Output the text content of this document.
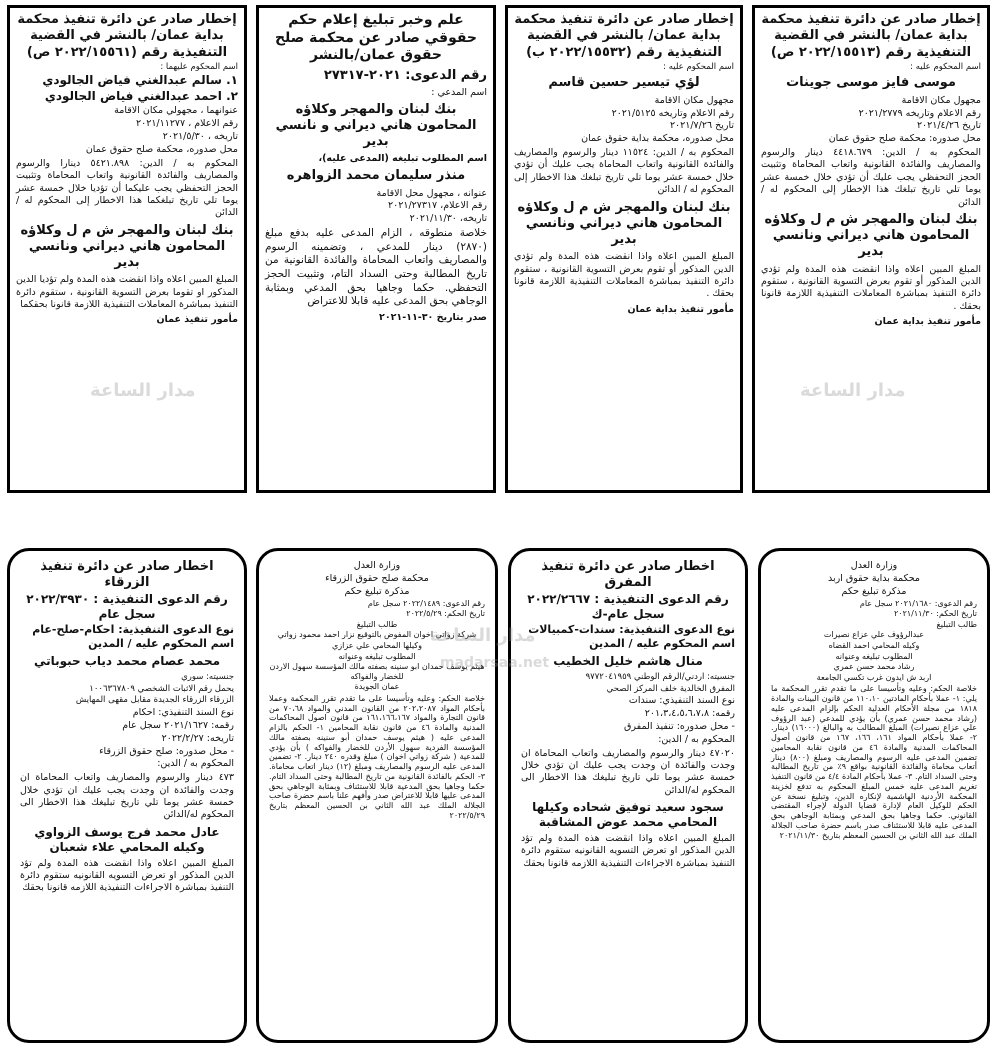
إخطار صادر عن دائرة تنفيذ محكمة بداية عمان/ بالنشر في القضية التنفيذية رقم (٢٠٢٢/١٥٥١٣ ص)
اسم المحكوم عليه :
موسى فايز موسى جوينات
مجهول مكان الاقامة
رقم الاعلام وتاريخه ٢٠٢١/٢٧٧٩
تاريخ ٢٠٢١/٤/٢٦
محل صدوره: محكمة صلح حقوق عمان
المحكوم به / الدين: ٤٤١٨.٦٧٩ دينار والرسوم والمصاريف والفائدة القانونية واتعاب المحاماة وتثبيت الحجز التحفظي يجب عليك أن تؤدي خلال خمسة عشر يوما تلي تاريخ تبلغك هذا الإخطار إلى المحكوم له / الدائن
بنك لبنان والمهجر ش م ل وكلاؤه المحامون هاني ديراني ونانسي بدير
المبلغ المبين اعلاه واذا انقضت هذه المدة ولم تؤدي الدين المذكور أو تقوم بعرض التسوية القانونية ، ستقوم دائرة التنفيذ بمباشرة المعاملات التنفيذية اللازمة قانونا بحقك .
مأمور تنفيذ بداية عمان
إخطار صادر عن دائرة تنفيذ محكمة بداية عمان/ بالنشر في القضية التنفيذية رقم (٢٠٢٢/١٥٥٣٢ ب)
اسم المحكوم عليه :
لؤي تيسير حسين قاسم
مجهول مكان الاقامة
رقم الاعلام وتاريخه ٢٠٢١/٥١٢٥
تاريخ ٢٠٢١/٧/٢٦
محل صدوره، محكمة بداية حقوق عمان
المحكوم به / الدين: ١١٥٢٤ دينار والرسوم والمصاريف والفائدة القانونية واتعاب المحاماة يجب عليك أن تؤدي خلال خمسة عشر يوما تلي تاريخ تبلغك هذا الاخطار إلى المحكوم له / الدائن
بنك لبنان والمهجر ش م ل وكلاؤه المحامون هاني ديراني ونانسي بدير
المبلغ المبين اعلاه واذا انقضت هذه المدة ولم تؤدي الدين المذكور أو تقوم بعرض التسوية القانونية ، ستقوم دائرة التنفيذ بمباشرة المعاملات التنفيذية اللازمة قانونا بحقك .
مأمور تنفيذ بداية عمان
علم وخبر تبليغ إعلام حكم حقوقي صادر عن محكمة صلح حقوق عمان/بالنشر
رقم الدعوى: ٢٠٢١-٢٧٣١٧
اسم المدعي :
بنك لبنان والمهجر وكلاؤه المحامون هاني ديراني و نانسي بدير
اسم المطلوب تبليغه (المدعى عليه)،
منذر سليمان محمد الزواهره
عنوانه ، مجهول محل الاقامة
رقم الاعلام، ٢٠٢١/٢٧٣١٧
تاريخه، ٢٠٢١/١١/٣٠
خلاصة منطوقه ، الزام المدعى عليه بدفع مبلغ (٢٨٧٠) دينار للمدعي ، وتضمينه الرسوم والمصاريف واتعاب المحاماة والفائدة القانونية من تاريخ المطالبة وحتى السداد التام، وتثبيت الحجز التحفظي. حكما وجاهيا بحق المدعي وبمثابة الوجاهي بحق المدعى عليه قابلا للاعتراض
صدر بتاريخ ٣٠-١١-٢٠٢١
إخطار صادر عن دائرة تنفيذ محكمة بداية عمان/ بالنشر في القضية التنفيذية رقم (٢٠٢٢/١٥٥٦١ ص)
اسم المحكوم عليهما :
١. سالم عبدالغني فياض الجالودي
٢. احمد عبدالغني فياض الجالودي
عنوانهما ، مجهولي مكان الاقامة
رقم الاعلام ، ٢٠٢١/١١٢٧٧
تاريخه ، ٢٠٢١/٥/٣٠
محل صدوره، محكمة صلح حقوق عمان
المحكوم به / الدين: ٥٤٢١.٨٩٨ دينارا والرسوم والمصاريف والفائدة القانونية واتعاب المحاماة وتثبيت الحجز التحفظي يجب عليكما أن تؤديا خلال خمسة عشر يوما تلي تاريخ تبلغكما هذا الاخطار إلى المحكوم له / الدائن
بنك لبنان والمهجر ش م ل وكلاؤه المحامون هاني ديراني ونانسي بدير
المبلغ المبين اعلاه واذا انقضت هذه المدة ولم تؤديا الدين المذكور او تقوما بعرض التسوية القانونية ، ستقوم دائرة التنفيذ بمباشرة المعاملات التنفيذية اللازمة قانونا بحقكما
مأمور تنفيذ عمان
وزارة العدل
محكمة بداية حقوق اربد
مذكرة تبليغ حكم
رقم الدعوى: ٢٠٢١/١٦٨٠ سجل عام
تاريخ الحكم: ٢٠٢١/١١/٣٠
طالب التبليغ
عبدالرؤوف علي عزاع نصيرات
وكيله المحامي احمد القضاه
المطلوب تبليغه وعنوانه
رشاد محمد حسن عمري
اربد ش ايدون غرب تكسي الجامعة
خلاصة الحكم: وعليه وتأسيسا على ما تقدم تقرر المحكمة ما يلي: ١- عملا بأحكام المادتين ١١٠،١٠ من قانون البينات والمادة ١٨١٨ من مجلة الأحكام العدلية الحكم بإلزام المدعى عليه (رشاد محمد حسن عمري) بأن يؤدي للمدعي (عبد الرؤوف علي عزاع نصيرات) المبلغ المطالب به والبالغ (١٦٠٠٠) دينار. ٢- عملا بأحكام المواد ١٦١، ١٦٦، ١٦٧ من قانون أصول المحاكمات المدنية والمادة ٤٦ من قانون نقابة المحامين تضمين المدعى عليه الرسوم والمصاريف ومبلغ (٨٠٠) دينار أتعاب محاماة والفائدة القانونية بواقع ٩٪ من تاريخ المطالبة وحتى السداد التام. ٣- عملا بأحكام المادة ٤/٤ من قانون التنفيذ تغريم المدعى عليه خمس المبلغ المحكوم به تدفع لخزينة المحكمة الأردنية الهاشمية لإنكاره الدين، وتبليغ نسخة عن الحكم للوكيل العام لإدارة قضايا الدولة لإجراء المقتضى القانوني. حكما وجاهيا بحق المدعي وبمثابة الوجاهي بحق المدعى عليه قابلا للاستئناف صدر باسم حضرة صاحب الجلالة الملك عبد الله الثاني بن الحسين المعظم بتاريخ ٢٠٢١/١١/٣٠
اخطار صادر عن دائرة تنفيذ المفرق
رقم الدعوى التنفيذية : ٢٠٢٢/٢٦٦٧ سجل عام-ك
نوع الدعوى التنفيذية: سندات-كمبيالات
اسم المحكوم عليه / المدين
منال هاشم خليل الخطيب
جنسيته: اردني/الرقم الوطني ٩٧٧٢٠٤١٩٥٩
المفرق الخالدية خلف المركز الصحي
نوع السند التنفيذي: سندات
رقمه: ٢٠١،٣،٤،٥،٦،٧،٨
- محل صدوره: تنفيذ المفرق
المحكوم به / الدين:
٤٧٠٢٠ دينار والرسوم والمصاريف واتعاب المحاماة ان وجدت والفائدة ان وجدت يجب عليك ان تؤدي خلال خمسة عشر يوما تلي تاريخ تبليغك هذا الاخطار الى المحكوم له/الدائن
سجود سعيد توفيق شحاده وكيلها المحامي محمد عوض المشاقبة
المبلغ المبين اعلاه واذا انقضت هذه المدة ولم تؤد الدين المذكور او تعرض التسويه القانونيه ستقوم دائرة التنفيذ بمباشرة الاجراءات التنفيذية اللازمه قانونا بحقك
وزارة العدل
محكمة صلح حقوق الزرقاء
مذكرة تبليغ حكم
رقم الدعوى: ٢٠٢٢/١٤٨٩ سجل عام
تاريخ الحكم: ٢٠٢٢/٥/٢٩
طالب التبليغ
شركة زواتي اخوان المفوض بالتوقيع نزار احمد محمود زواتي
وكيلها المحامي علي عزازي
المطلوب تبليغه وعنوانه
هيثم يوسف حمدان ابو سنينه بصفته مالك المؤسسة سهول الاردن للخضار والفواكه
عمان الجويدة
خلاصة الحكم: وعليه وتأسيسا على ما تقدم تقرر المحكمة وعملا بأحكام المواد ٢٠٢،٢٠٨٧ من القانون المدني والمواد ٧٠،٦٨ من قانون التجارة والمواد ١٦١،١٦٦،١٦٧ من قانون اصول المحاكمات المدنية والمادة ٤٦ من قانون نقابة المحامين ١- الحكم بالزام المدعى عليه ( هيثم يوسف حمدان أبو سنينه بصفته مالك المؤسسة الفردية سهول الأردن للخضار والفواكه ) بأن يؤدي للمدعية ( شركة زواتي اخوان ) مبلغ وقدره ٢٤٠ دينار. ٢- تضمين المدعى عليه الرسوم والمصاريف ومبلغ (١٢) دينار اتعاب محاماة. ٣- الحكم بالفائدة القانونية من تاريخ المطالبة وحتى السداد التام. حكما وجاهيا بحق المدعية قابلا للاستئناف وبمثابة الوجاهي بحق المدعى عليها قابلا للاعتراض صدر وأفهم علنا باسم حضرة صاحب الجلالة الملك عبد الله الثاني بن الحسين المعظم بتاريخ ٢٠٢٢/٥/٢٩
اخطار صادر عن دائرة تنفيذ الزرقاء
رقم الدعوى التنفيذية : ٢٠٢٢/٣٩٣٠ سجل عام
نوع الدعوى التنفيذية: احكام-صلح-عام
اسم المحكوم عليه / المدين
محمد عصام محمد دياب حبوباتي
جنسيته: سوري
يحمل رقم الاثبات الشخصي ١٠٠٦٣٦٧٨٠٩
الزرقاء الزرقاء الجديدة مقابل مقهى المهايش
نوع السند التنفيذي: احكام
رقمه: ٢٠٢١/١٦٢٧ سجل عام
تاريخه: ٢٠٢٢/٢/٢٧
- محل صدوره: صلح حقوق الزرقاء
المحكوم به / الدين:
٤٧٣ دينار والرسوم والمصاريف واتعاب المحاماة ان وجدت والفائدة ان وجدت يجب عليك ان تؤدي خلال خمسة عشر يوما تلي تاريخ تبليغك هذا الاخطار الى المحكوم له/الدائن
عادل محمد فرج يوسف الزواوي وكيله المحامي علاء شعبان
المبلغ المبين اعلاه واذا انقضت هذه المدة ولم تؤد الدين المذكور او تعرض التسويه القانونيه ستقوم دائرة التنفيذ بمباشرة الاجراءات التنفيذية اللازمه قانونا بحقك
مدار الساعة
مدار الساعة
مدار الساعة
madarsaa.net
